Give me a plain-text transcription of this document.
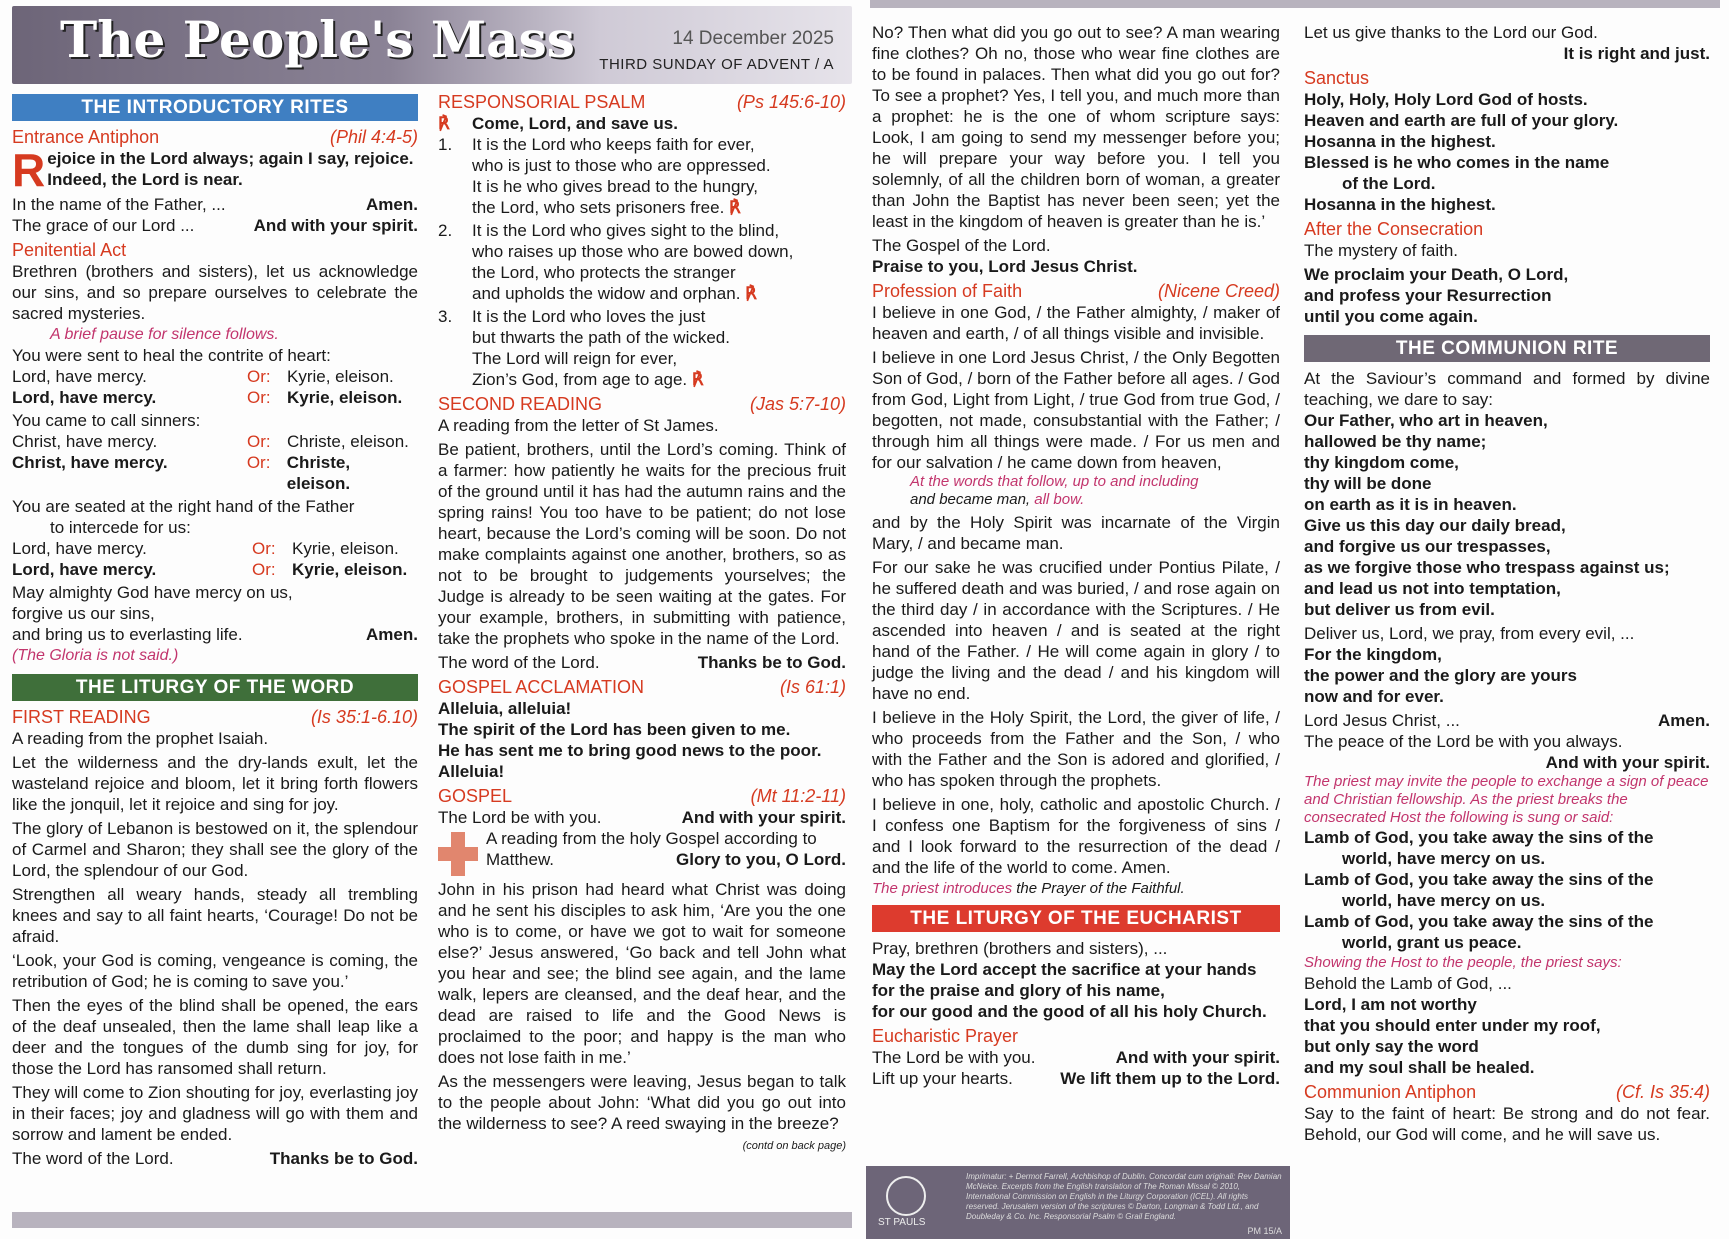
The People's Mass	14 December 2025
THIRD SUNDAY OF ADVENT / A
THE INTRODUCTORY RITES
Entrance Antiphon	(Phil 4:4-5)
Rejoice in the Lord always; again I say, rejoice.
Indeed, the Lord is near.
In the name of the Father, ...	Amen.
The grace of our Lord ...	And with your spirit.
Penitential Act
Brethren (brothers and sisters), let us acknowledge our sins, and so prepare ourselves to celebrate the sacred mysteries.
A brief pause for silence follows.
You were sent to heal the contrite of heart:
Lord, have mercy.	Or: Kyrie, eleison.
Lord, have mercy.	Or: Kyrie, eleison.
You came to call sinners:
Christ, have mercy.	Or: Christe, eleison.
Christ, have mercy.	Or: Christe, eleison.
You are seated at the right hand of the Father
to intercede for us:
Lord, have mercy.	Or: Kyrie, eleison.
Lord, have mercy.	Or: Kyrie, eleison.
May almighty God have mercy on us,
forgive us our sins,
and bring us to everlasting life.	Amen.
(The Gloria is not said.)
THE LITURGY OF THE WORD
FIRST READING	(Is 35:1-6.10)
A reading from the prophet Isaiah.

Let the wilderness and the dry-lands exult, let the wasteland rejoice and bloom, let it bring forth flowers like the jonquil, let it rejoice and sing for joy.

The glory of Lebanon is bestowed on it, the splendour of Carmel and Sharon; they shall see the glory of the Lord, the splendour of our God.

Strengthen all weary hands, steady all trembling knees and say to all faint hearts, ‘Courage! Do not be afraid.

‘Look, your God is coming, vengeance is coming, the retribution of God; he is coming to save you.’

Then the eyes of the blind shall be opened, the ears of the deaf unsealed, then the lame shall leap like a deer and the tongues of the dumb sing for joy, for those the Lord has ransomed shall return.

They will come to Zion shouting for joy, everlasting joy in their faces; joy and gladness will go with them and sorrow and lament be ended.

The word of the Lord.	Thanks be to God.
RESPONSORIAL PSALM	(Ps 145:6-10)
℟ Come, Lord, and save us.
1.	It is the Lord who keeps faith for ever,
who is just to those who are oppressed.
It is he who gives bread to the hungry,
the Lord, who sets prisoners free. ℟
2.	It is the Lord who gives sight to the blind,
who raises up those who are bowed down,
the Lord, who protects the stranger
and upholds the widow and orphan. ℟
3.	It is the Lord who loves the just
but thwarts the path of the wicked.
The Lord will reign for ever,
Zion’s God, from age to age. ℟
SECOND READING	(Jas 5:7-10)
A reading from the letter of St James.

Be patient, brothers, until the Lord’s coming. Think of a farmer: how patiently he waits for the precious fruit of the ground until it has had the autumn rains and the spring rains! You too have to be patient; do not lose heart, because the Lord’s coming will be soon. Do not make complaints against one another, brothers, so as not to be brought to judgements yourselves; the Judge is already to be seen waiting at the gates. For your example, brothers, in submitting with patience, take the prophets who spoke in the name of the Lord.

The word of the Lord.	Thanks be to God.
GOSPEL ACCLAMATION	(Is 61:1)
Alleluia, alleluia!
The spirit of the Lord has been given to me.
He has sent me to bring good news to the poor.
Alleluia!
GOSPEL	(Mt 11:2-11)
The Lord be with you.	And with your spirit.
A reading from the holy Gospel according to
Matthew.	Glory to you, O Lord.

John in his prison had heard what Christ was doing and he sent his disciples to ask him, ‘Are you the one who is to come, or have we got to wait for someone else?’ Jesus answered, ‘Go back and tell John what you hear and see; the blind see again, and the lame walk, lepers are cleansed, and the deaf hear, and the dead are raised to life and the Good News is proclaimed to the poor; and happy is the man who does not lose faith in me.’

As the messengers were leaving, Jesus began to talk to the people about John: ‘What did you go out into the wilderness to see? A reed swaying in the breeze?

(contd on back page)

No? Then what did you go out to see? A man wearing fine clothes? Oh no, those who wear fine clothes are to be found in palaces. Then what did you go out for? To see a prophet? Yes, I tell you, and much more than a prophet: he is the one of whom scripture says: Look, I am going to send my messenger before you; he will prepare your way before you. I tell you solemnly, of all the children born of woman, a greater than John the Baptist has never been seen; yet the least in the kingdom of heaven is greater than he is.’

The Gospel of the Lord.
Praise to you, Lord Jesus Christ.
Profession of Faith	(Nicene Creed)

I believe in one God, / the Father almighty, / maker of heaven and earth, / of all things visible and invisible.

I believe in one Lord Jesus Christ, / the Only Begotten Son of God, / born of the Father before all ages. / God from God, Light from Light, / true God from true God, / begotten, not made, consubstantial with the Father; / through him all things were made. / For us men and for our salvation / he came down from heaven,

At the words that follow, up to and including
and became man, all bow.

and by the Holy Spirit was incarnate of the Virgin Mary, / and became man.

For our sake he was crucified under Pontius Pilate, / he suffered death and was buried, / and rose again on the third day / in accordance with the Scriptures. / He ascended into heaven / and is seated at the right hand of the Father. / He will come again in glory / to judge the living and the dead / and his kingdom will have no end.

I believe in the Holy Spirit, the Lord, the giver of life, / who proceeds from the Father and the Son, / who with the Father and the Son is adored and glorified, / who has spoken through the prophets.

I believe in one, holy, catholic and apostolic Church. / I confess one Baptism for the forgiveness of sins / and I look forward to the resurrection of the dead / and the life of the world to come. Amen.

The priest introduces the Prayer of the Faithful.
THE LITURGY OF THE EUCHARIST
Pray, brethren (brothers and sisters), ...
May the Lord accept the sacrifice at your hands
for the praise and glory of his name,
for our good and the good of all his holy Church.
Eucharistic Prayer
The Lord be with you.	And with your spirit.
Lift up your hearts.	We lift them up to the Lord.
Let us give thanks to the Lord our God.
It is right and just.
Sanctus
Holy, Holy, Holy Lord God of hosts.
Heaven and earth are full of your glory.
Hosanna in the highest.
Blessed is he who comes in the name
of the Lord.
Hosanna in the highest.
After the Consecration
The mystery of faith.
We proclaim your Death, O Lord,
and profess your Resurrection
until you come again.
THE COMMUNION RITE

At the Saviour’s command and formed by divine teaching, we dare to say:

Our Father, who art in heaven,
hallowed be thy name;
thy kingdom come,
thy will be done
on earth as it is in heaven.
Give us this day our daily bread,
and forgive us our trespasses,
as we forgive those who trespass against us;
and lead us not into temptation,
but deliver us from evil.
Deliver us, Lord, we pray, from every evil, ...
For the kingdom,
the power and the glory are yours
now and for ever.
Lord Jesus Christ, ...	Amen.
The peace of the Lord be with you always.
And with your spirit.
The priest may invite the people to exchange a sign of peace and Christian fellowship. As the priest breaks the consecrated Host the following is sung or said:
Lamb of God, you take away the sins of the
world, have mercy on us.
Lamb of God, you take away the sins of the
world, have mercy on us.
Lamb of God, you take away the sins of the
world, grant us peace.
Showing the Host to the people, the priest says:
Behold the Lamb of God, ...
Lord, I am not worthy
that you should enter under my roof,
but only say the word
and my soul shall be healed.
Communion Antiphon	(Cf. Is 35:4)
Say to the faint of heart: Be strong and do not fear. Behold, our God will come, and he will save us.
ST PAULS
Imprimatur: + Dermot Farrell, Archbishop of Dublin. Concordat cum originali: Rev Damian McNeice. Excerpts from the English translation of The Roman Missal © 2010, International Commission on English in the Liturgy Corporation (ICEL). All rights reserved. Jerusalem version of the scriptures © Darton, Longman & Todd Ltd., and Doubleday & Co. Inc. Responsorial Psalm © Grail England.
PM 15/A
